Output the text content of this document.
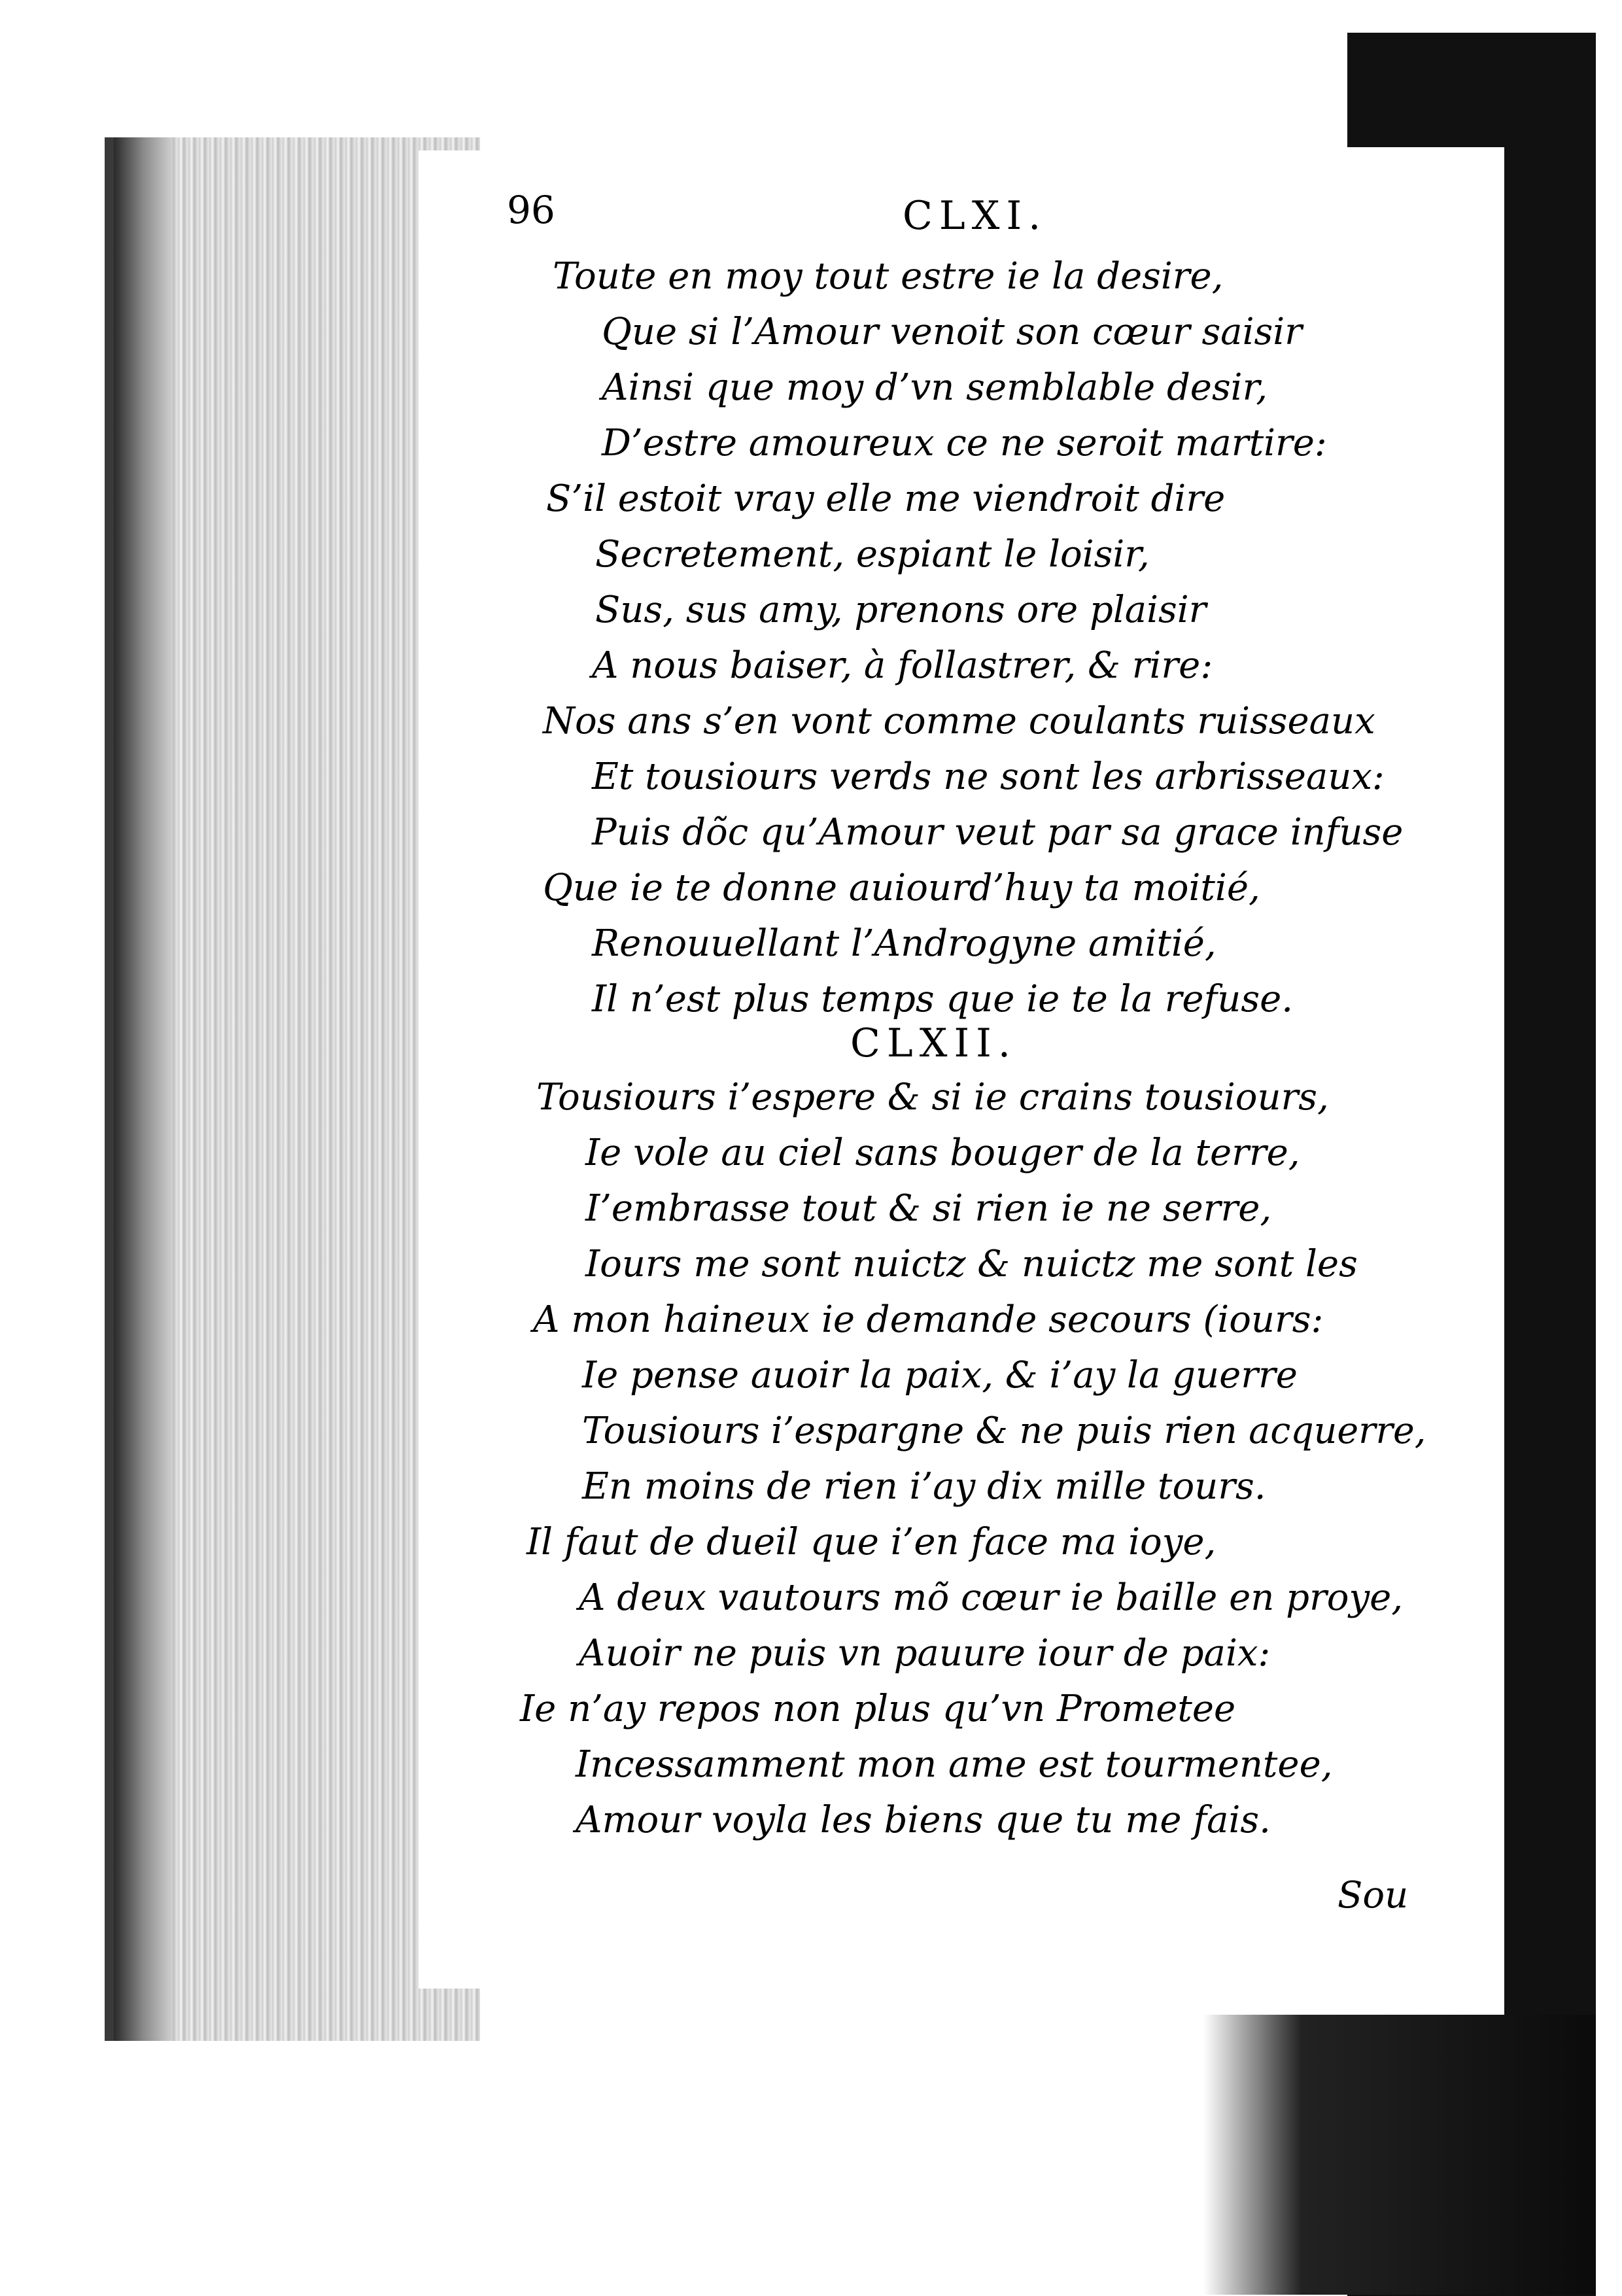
96	CLXI.
Toute en moy tout estre ie la desire,
Que si l’Amour venoit son cœur saisir
Ainsi que moy d’vn semblable desir,
D’estre amoureux ce ne seroit martire:
S’il estoit vray elle me viendroit dire
Secretement, espiant le loisir,
Sus, sus amy, prenons ore plaisir
A nous baiser, à follastrer, & rire:
Nos ans s’en vont comme coulants ruisseaux
Et tousiours verds ne sont les arbrisseaux:
Puis dõc qu’Amour veut par sa grace infuse
Que ie te donne auiourd’huy ta moitié,
Renouuellant l’Androgyne amitié,
Il n’est plus temps que ie te la refuse.
CLXII.
Tousiours i’espere & si ie crains tousiours,
Ie vole au ciel sans bouger de la terre,
I’embrasse tout & si rien ie ne serre,
Iours me sont nuictz & nuictz me sont les
A mon haineux ie demande secours (iours:
Ie pense auoir la paix, & i’ay la guerre
Tousiours i’espargne & ne puis rien acquerre,
En moins de rien i’ay dix mille tours.
Il faut de dueil que i’en face ma ioye,
A deux vautours mõ cœur ie baille en proye,
Auoir ne puis vn pauure iour de paix:
Ie n’ay repos non plus qu’vn Prometee
Incessamment mon ame est tourmentee,
Amour voyla les biens que tu me fais.
Sou
